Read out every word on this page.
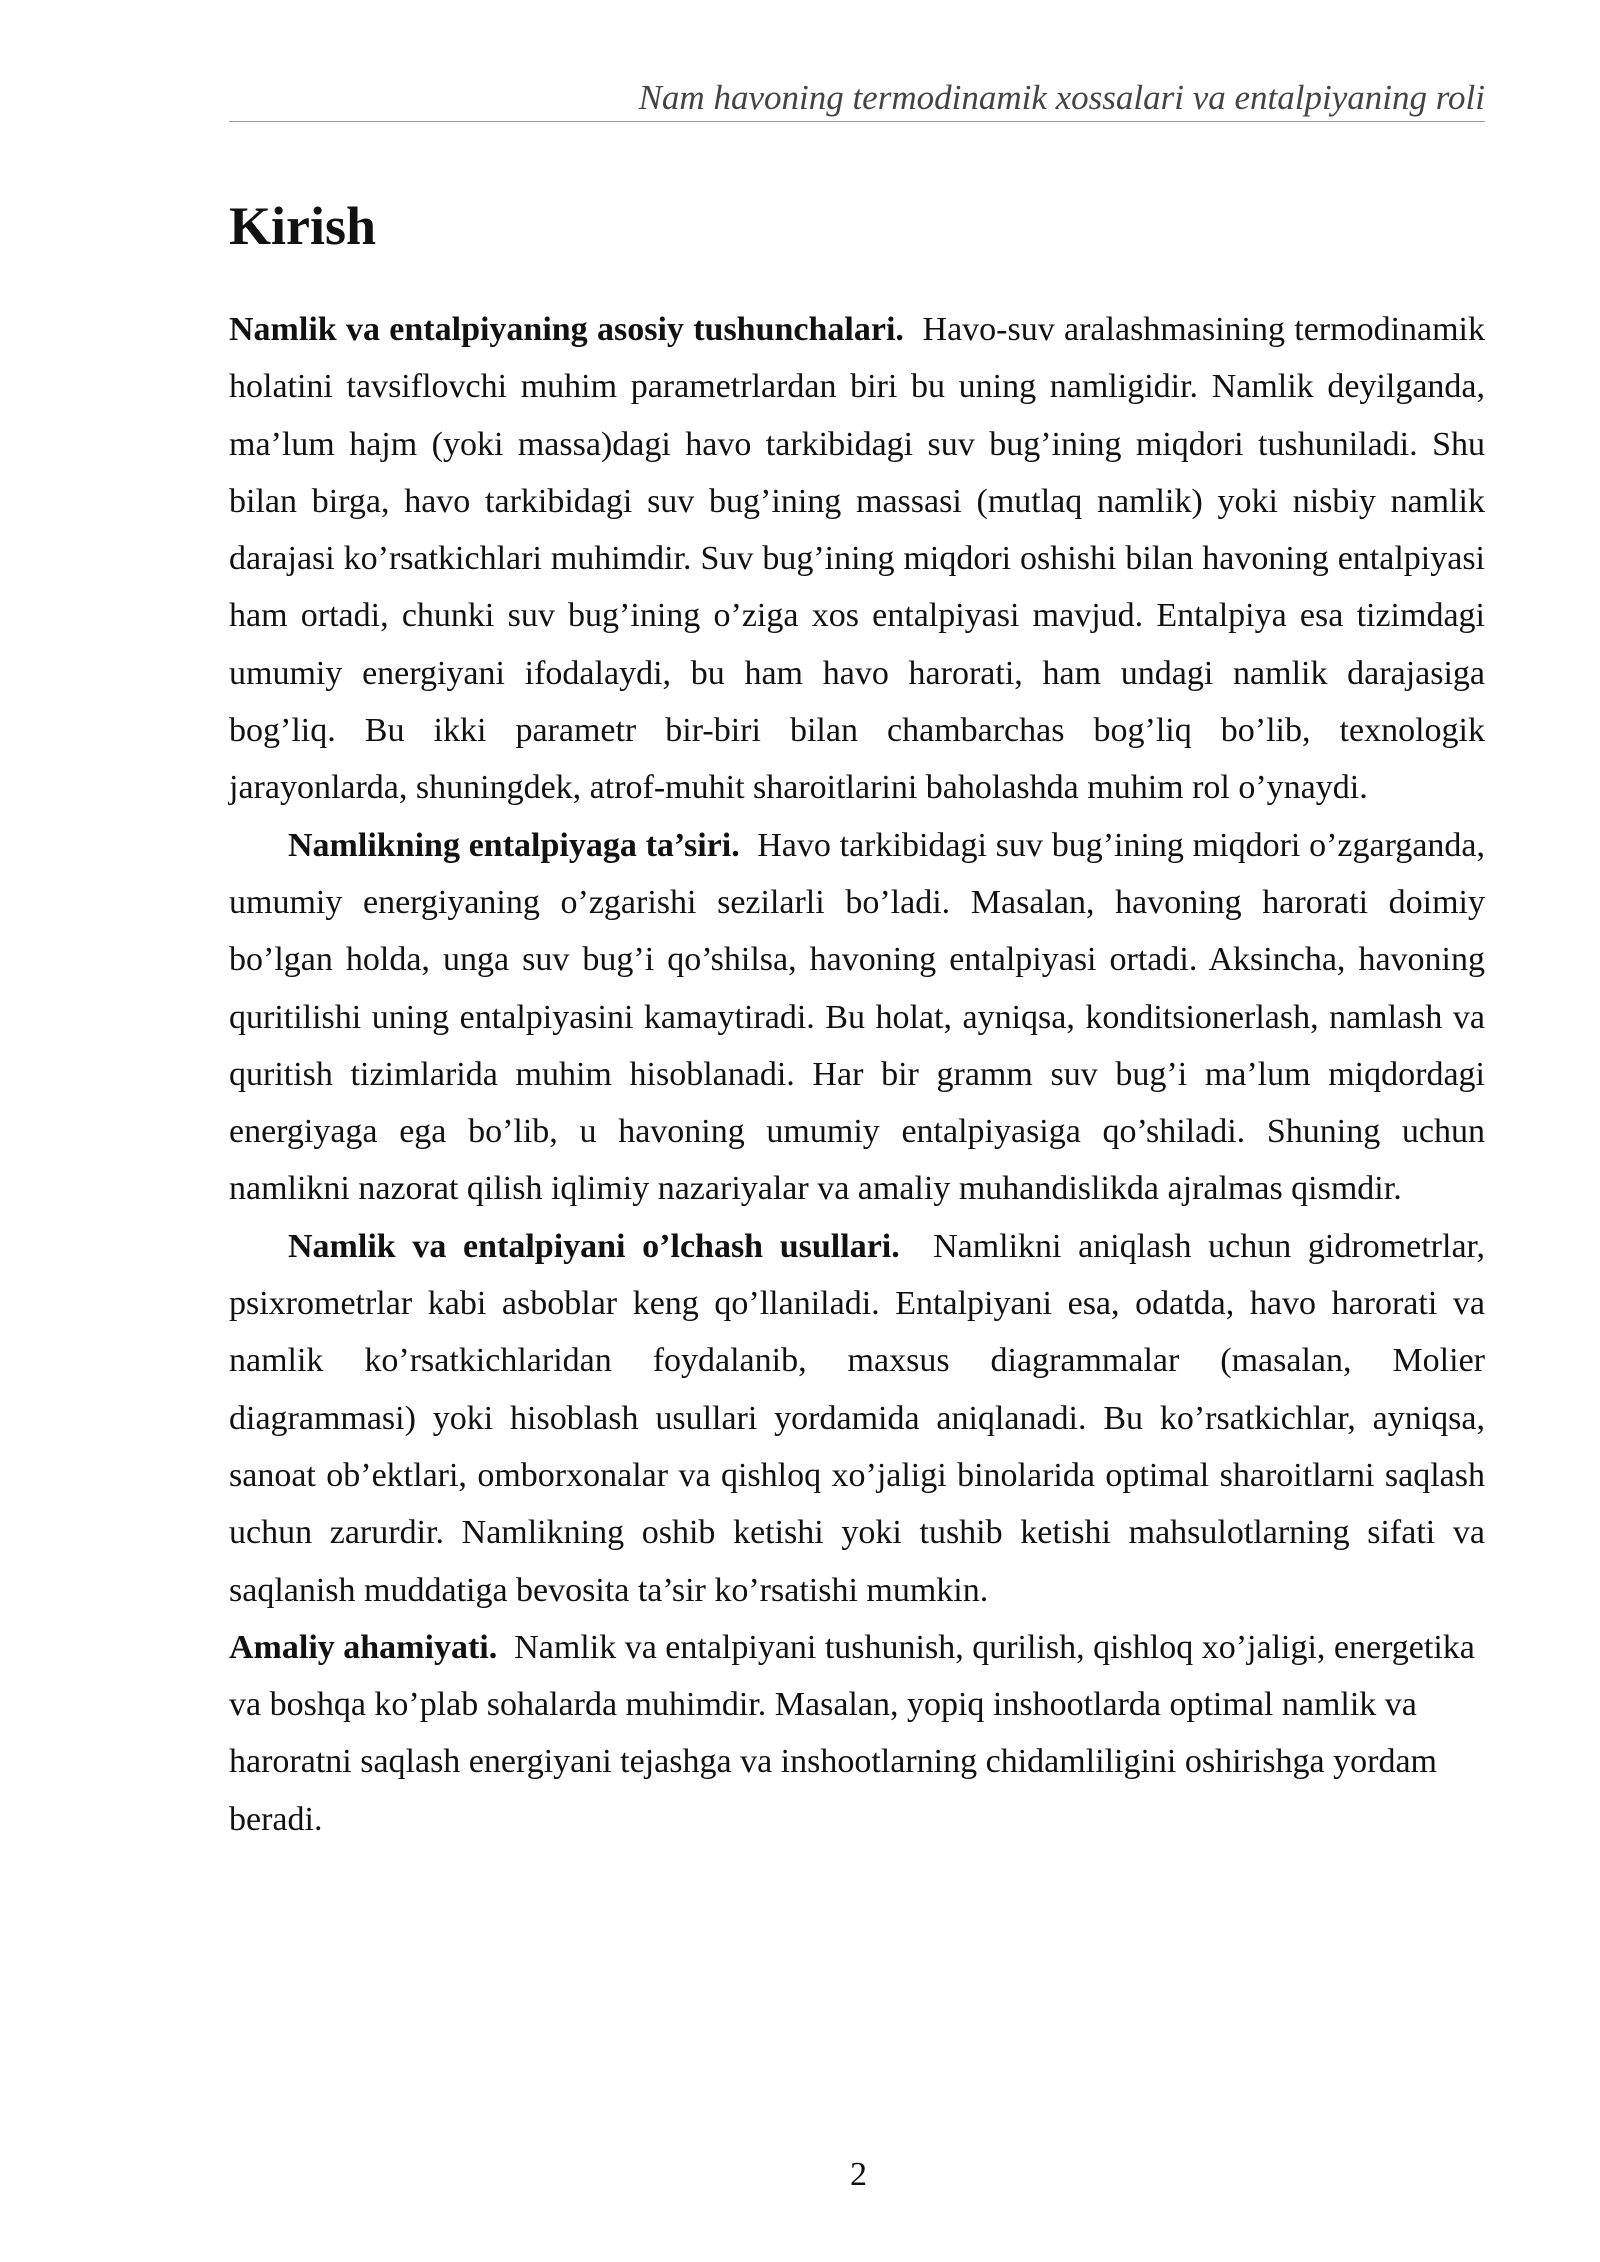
Nam havoning termodinamik xossalari va entalpiyaning roli
Kirish

Namlik va entalpiyaning asosiy tushunchalari. Havo-suv aralashmasining termodinamik holatini tavsiflovchi muhim parametrlardan biri bu uning namligidir. Namlik deyilganda, ma’lum hajm (yoki massa)dagi havo tarkibidagi suv bug’ining miqdori tushuniladi. Shu bilan birga, havo tarkibidagi suv bug’ining massasi (mutlaq namlik) yoki nisbiy namlik darajasi ko’rsatkichlari muhimdir. Suv bug’ining miqdori oshishi bilan havoning entalpiyasi ham ortadi, chunki suv bug’ining o’ziga xos entalpiyasi mavjud. Entalpiya esa tizimdagi umumiy energiyani ifodalaydi, bu ham havo harorati, ham undagi namlik darajasiga bog’liq. Bu ikki parametr bir-biri bilan chambarchas bog’liq bo’lib, texnologik jarayonlarda, shuningdek, atrof-muhit sharoitlarini baholashda muhim rol o’ynaydi.

Namlikning entalpiyaga ta’siri. Havo tarkibidagi suv bug’ining miqdori o’zgarganda, umumiy energiyaning o’zgarishi sezilarli bo’ladi. Masalan, havoning harorati doimiy bo’lgan holda, unga suv bug’i qo’shilsa, havoning entalpiyasi ortadi. Aksincha, havoning quritilishi uning entalpiyasini kamaytiradi. Bu holat, ayniqsa, konditsionerlash, namlash va quritish tizimlarida muhim hisoblanadi. Har bir gramm suv bug’i ma’lum miqdordagi energiyaga ega bo’lib, u havoning umumiy entalpiyasiga qo’shiladi. Shuning uchun namlikni nazorat qilish iqlimiy nazariyalar va amaliy muhandislikda ajralmas qismdir.

Namlik va entalpiyani o’lchash usullari. Namlikni aniqlash uchun gidrometrlar, psixrometrlar kabi asboblar keng qo’llaniladi. Entalpiyani esa, odatda, havo harorati va namlik ko’rsatkichlaridan foydalanib, maxsus diagrammalar (masalan, Molier diagrammasi) yoki hisoblash usullari yordamida aniqlanadi. Bu ko’rsatkichlar, ayniqsa, sanoat ob’ektlari, omborxonalar va qishloq xo’jaligi binolarida optimal sharoitlarni saqlash uchun zarurdir. Namlikning oshib ketishi yoki tushib ketishi mahsulotlarning sifati va saqlanish muddatiga bevosita ta’sir ko’rsatishi mumkin.

Amaliy ahamiyati. Namlik va entalpiyani tushunish, qurilish, qishloq xo’jaligi, energetika va boshqa ko’plab sohalarda muhimdir. Masalan, yopiq inshootlarda optimal namlik va haroratni saqlash energiyani tejashga va inshootlarning chidamliligini oshirishga yordam beradi.

2
